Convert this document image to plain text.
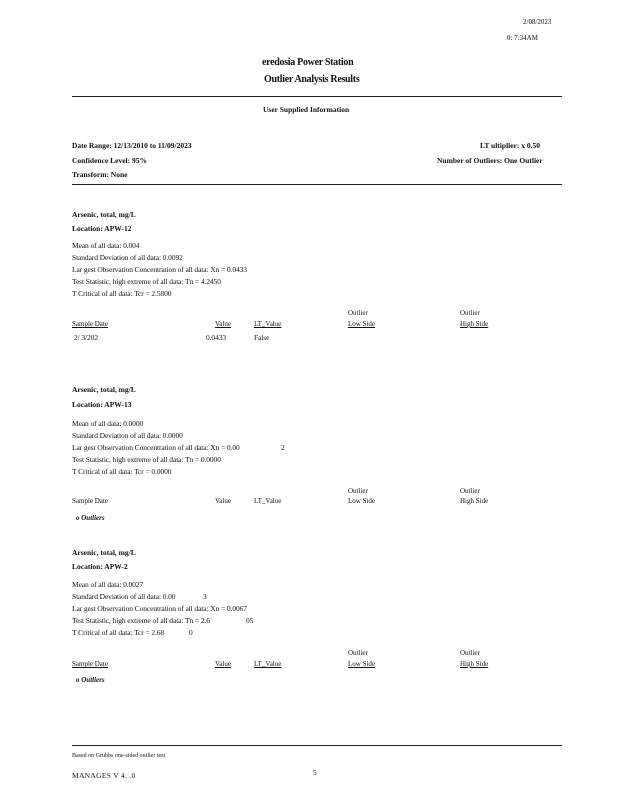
2/08/2023
0: 7:34AM
eredosia Power Station
Outlier Analysis Results
User Supplied Information
Date Range: 12/13/2010 to 11/09/2023	LT ultiplier: x 0.50
Confidence Level: 95%	Number of Outliers: One Outlier
Transform: None
Arsenic, total, mg/L
Location: APW-12
Mean of all data: 0.004
Standard Deviation of all data: 0.0092
Lar gest Observation Concentration of all data: Xn = 0.0433
Test Statistic, high extreme of all data: Tn = 4.2450
T Critical of all data: Tcr = 2.5800
Outlier	Outlier
Sample Date	Value	LT_Value	Low Side	High Side
2/ 3/202	0.0433	False
Arsenic, total, mg/L
Location: APW-13
Mean of all data: 0.0000
Standard Deviation of all data: 0.0000
Lar gest Observation Concentration of all data: Xn = 0.00	2
Test Statistic, high extreme of all data: Tn = 0.0000
T Critical of all data: Tcr = 0.0000
Outlier	Outlier
Sample Date	Value	LT_Value	Low Side	High Side
o Outliers
Arsenic, total, mg/L
Location: APW-2
Mean of all data: 0.0027
Standard Deviation of all data: 0.00	3
Lar gest Observation Concentration of all data: Xn = 0.0067
Test Statistic, high extreme of all data: Tn = 2.6	05
T Critical of all data: Tcr = 2.68	0
Outlier	Outlier
Sample Date	Value	LT_Value	Low Side	High Side
o Outliers
Based on Grubbs one-sided outlier test
MANAGES V 4. .0	5
